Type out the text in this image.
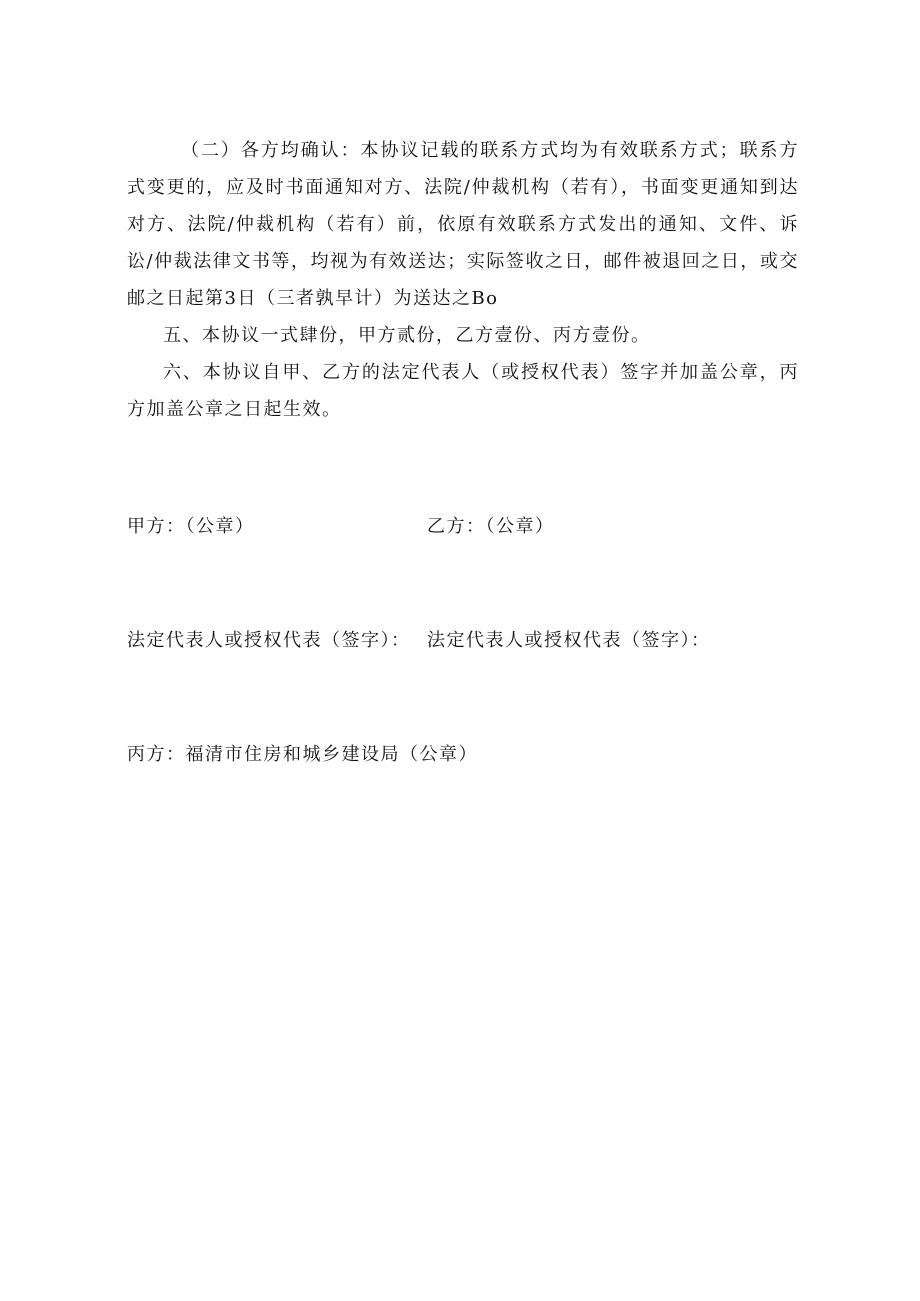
（二）各方均确认：本协议记载的联系方式均为有效联系方式；联系方式变更的，应及时书面通知对方、法院/仲裁机构（若有），书面变更通知到达对方、法院/仲裁机构（若有）前，依原有效联系方式发出的通知、文件、诉讼/仲裁法律文书等，均视为有效送达；实际签收之日，邮件被退回之日，或交邮之日起第3日（三者孰早计）为送达之Bo

五、本协议一式肆份，甲方贰份，乙方壹份、丙方壹份。

六、本协议自甲、乙方的法定代表人（或授权代表）签字并加盖公章，丙方加盖公章之日起生效。

甲方：（公章）	乙方：（公章）
法定代表人或授权代表（签字）： 法定代表人或授权代表（签字）：
丙方：福清市住房和城乡建设局（公章）
